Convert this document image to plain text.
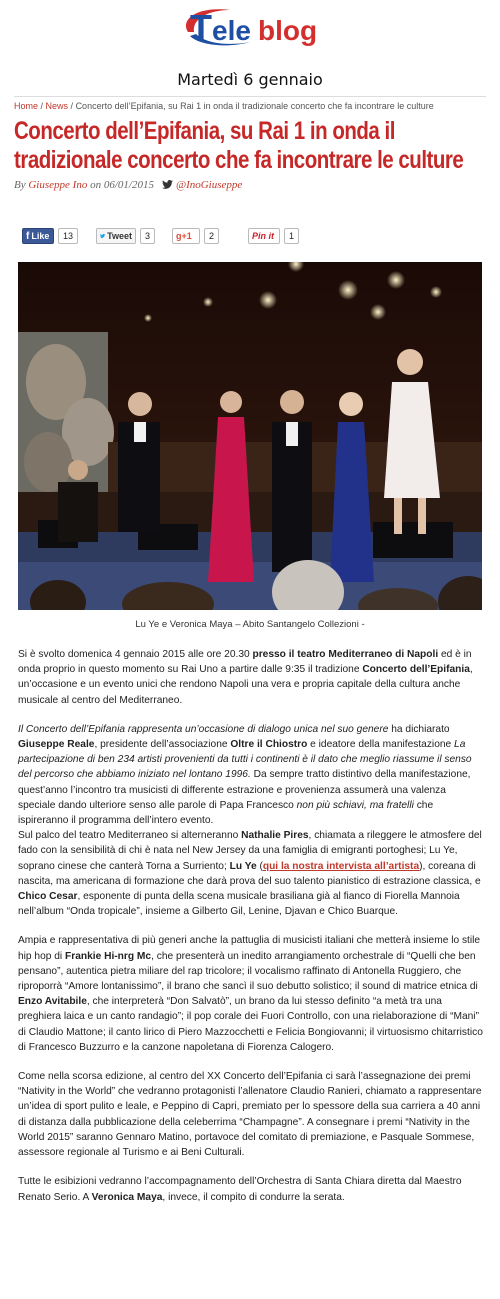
T ele blog
Martedì 6 gennaio
Home / News / Concerto dell’Epifania, su Rai 1 in onda il tradizionale concerto che fa incontrare le culture
Concerto dell’Epifania, su Rai 1 in onda il tradizionale concerto che fa incontrare le culture
By Giuseppe Ino on 06/01/2015 @InoGiuseppe
f Like	13	Tweet	3	g+1	2	Pin it	1
Lu Ye e Veronica Maya – Abito Santangelo Collezioni -

Si è svolto domenica 4 gennaio 2015 alle ore 20.30 presso il teatro Mediterraneo di Napoli ed è in onda proprio in questo momento su Rai Uno a partire dalle 9:35 il tradizione Concerto dell’Epifania, un’occasione e un evento unici che rendono Napoli una vera e propria capitale della cultura anche musicale al centro del Mediterraneo.

Il Concerto dell’Epifania rappresenta un’occasione di dialogo unica nel suo genere ha dichiarato Giuseppe Reale, presidente dell’associazione Oltre il Chiostro e ideatore della manifestazione La partecipazione di ben 234 artisti provenienti da tutti i continenti è il dato che meglio riassume il senso del percorso che abbiamo iniziato nel lontano 1996. Da sempre tratto distintivo della manifestazione, quest’anno l’incontro tra musicisti di differente estrazione e provenienza assumerà una valenza speciale dando ulteriore senso alle parole di Papa Francesco non più schiavi, ma fratelli che ispireranno il programma dell’intero evento.
Sul palco del teatro Mediterraneo si alterneranno Nathalie Pires, chiamata a rileggere le atmosfere del fado con la sensibilità di chi è nata nel New Jersey da una famiglia di emigranti portoghesi; Lu Ye, soprano cinese che canterà Torna a Surriento; Lu Ye (qui la nostra intervista all’artista), coreana di nascita, ma americana di formazione che darà prova del suo talento pianistico di estrazione classica, e Chico Cesar, esponente di punta della scena musicale brasiliana già al fianco di Fiorella Mannoia nell’album “Onda tropicale”, insieme a Gilberto Gil, Lenine, Djavan e Chico Buarque.

Ampia e rappresentativa di più generi anche la pattuglia di musicisti italiani che metterà insieme lo stile hip hop di Frankie Hi-nrg Mc, che presenterà un inedito arrangiamento orchestrale di “Quelli che ben pensano”, autentica pietra miliare del rap tricolore; il vocalismo raffinato di Antonella Ruggiero, che riproporrà “Amore lontanissimo”, il brano che sancì il suo debutto solistico; il sound di matrice etnica di Enzo Avitabile, che interpreterà “Don Salvatò”, un brano da lui stesso definito “a metà tra una preghiera laica e un canto randagio”; il pop corale dei Fuori Controllo, con una rielaborazione di “Mani” di Claudio Mattone; il canto lirico di Piero Mazzocchetti e Felicia Bongiovanni; il virtuosismo chitarristico di Francesco Buzzurro e la canzone napoletana di Fiorenza Calogero.

Come nella scorsa edizione, al centro del XX Concerto dell’Epifania ci sarà l’assegnazione dei premi “Nativity in the World” che vedranno protagonisti l’allenatore Claudio Ranieri, chiamato a rappresentare un’idea di sport pulito e leale, e Peppino di Capri, premiato per lo spessore della sua carriera a 40 anni di distanza dalla pubblicazione della celeberrima “Champagne”. A consegnare i premi “Nativity in the World 2015” saranno Gennaro Matino, portavoce del comitato di premiazione, e Pasquale Sommese, assessore regionale al Turismo e ai Beni Culturali.

Tutte le esibizioni vedranno l’accompagnamento dell’Orchestra di Santa Chiara diretta dal Maestro Renato Serio. A Veronica Maya, invece, il compito di condurre la serata.
